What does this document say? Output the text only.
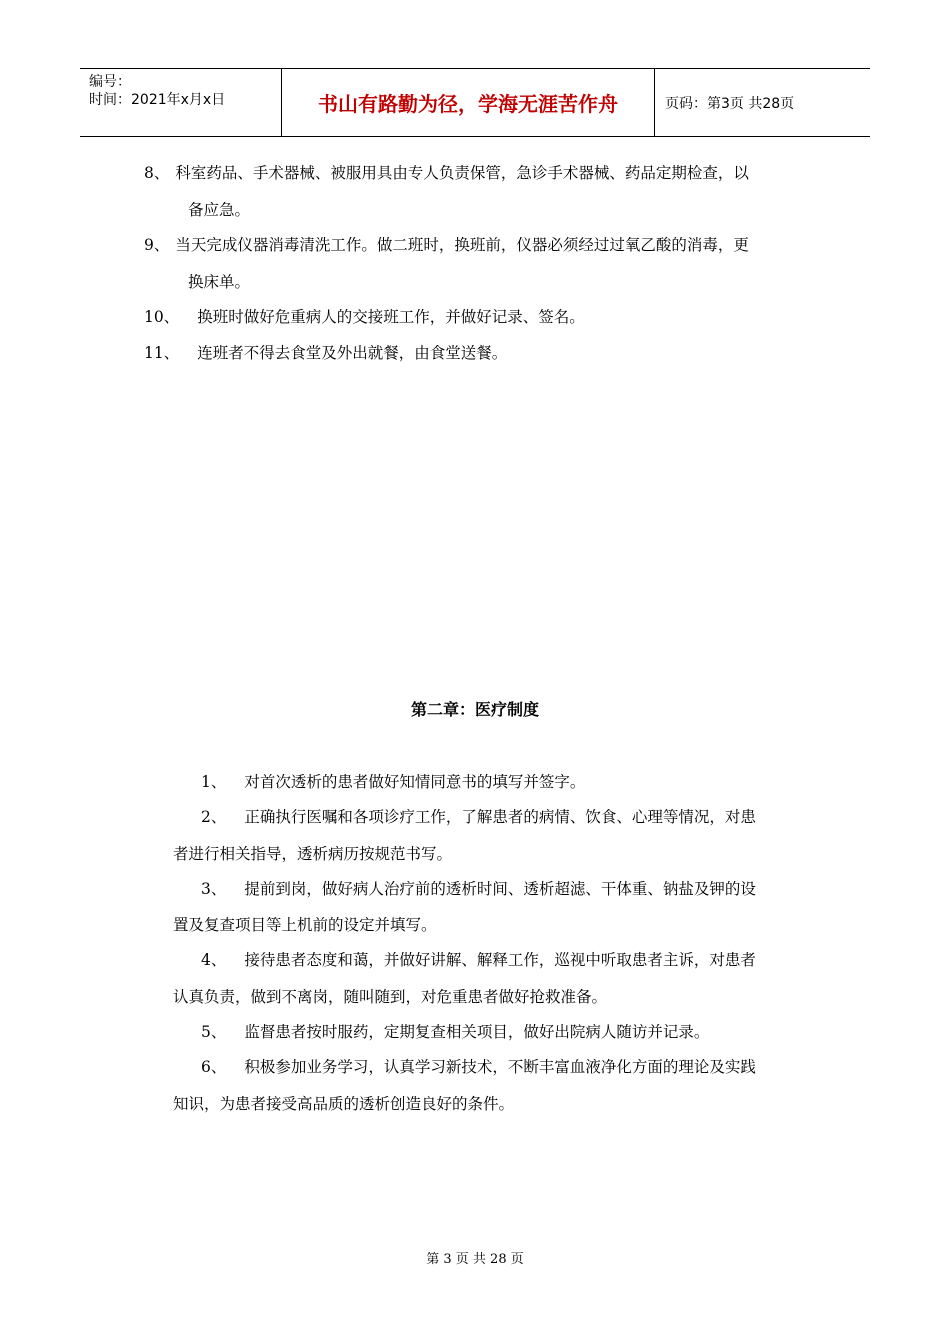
编号：
时间：2021年x月x日	书山有路勤为径，学海无涯苦作舟	页码：第3页 共28页
8、 科室药品、手术器械、被服用具由专人负责保管，急诊手术器械、药品定期检查，以
备应急。
9、 当天完成仪器消毒清洗工作。做二班时，换班前，仪器必须经过过氧乙酸的消毒，更
换床单。
10、 换班时做好危重病人的交接班工作，并做好记录、签名。
11、 连班者不得去食堂及外出就餐，由食堂送餐。
第二章：医疗制度
1、 对首次透析的患者做好知情同意书的填写并签字。
2、 正确执行医嘱和各项诊疗工作，了解患者的病情、饮食、心理等情况，对患
者进行相关指导，透析病历按规范书写。
3、 提前到岗，做好病人治疗前的透析时间、透析超滤、干体重、钠盐及钾的设
置及复查项目等上机前的设定并填写。
4、 接待患者态度和蔼，并做好讲解、解释工作，巡视中听取患者主诉，对患者
认真负责，做到不离岗，随叫随到，对危重患者做好抢救准备。
5、 监督患者按时服药，定期复查相关项目，做好出院病人随访并记录。
6、 积极参加业务学习，认真学习新技术，不断丰富血液净化方面的理论及实践
知识，为患者接受高品质的透析创造良好的条件。
第 3 页 共 28 页
